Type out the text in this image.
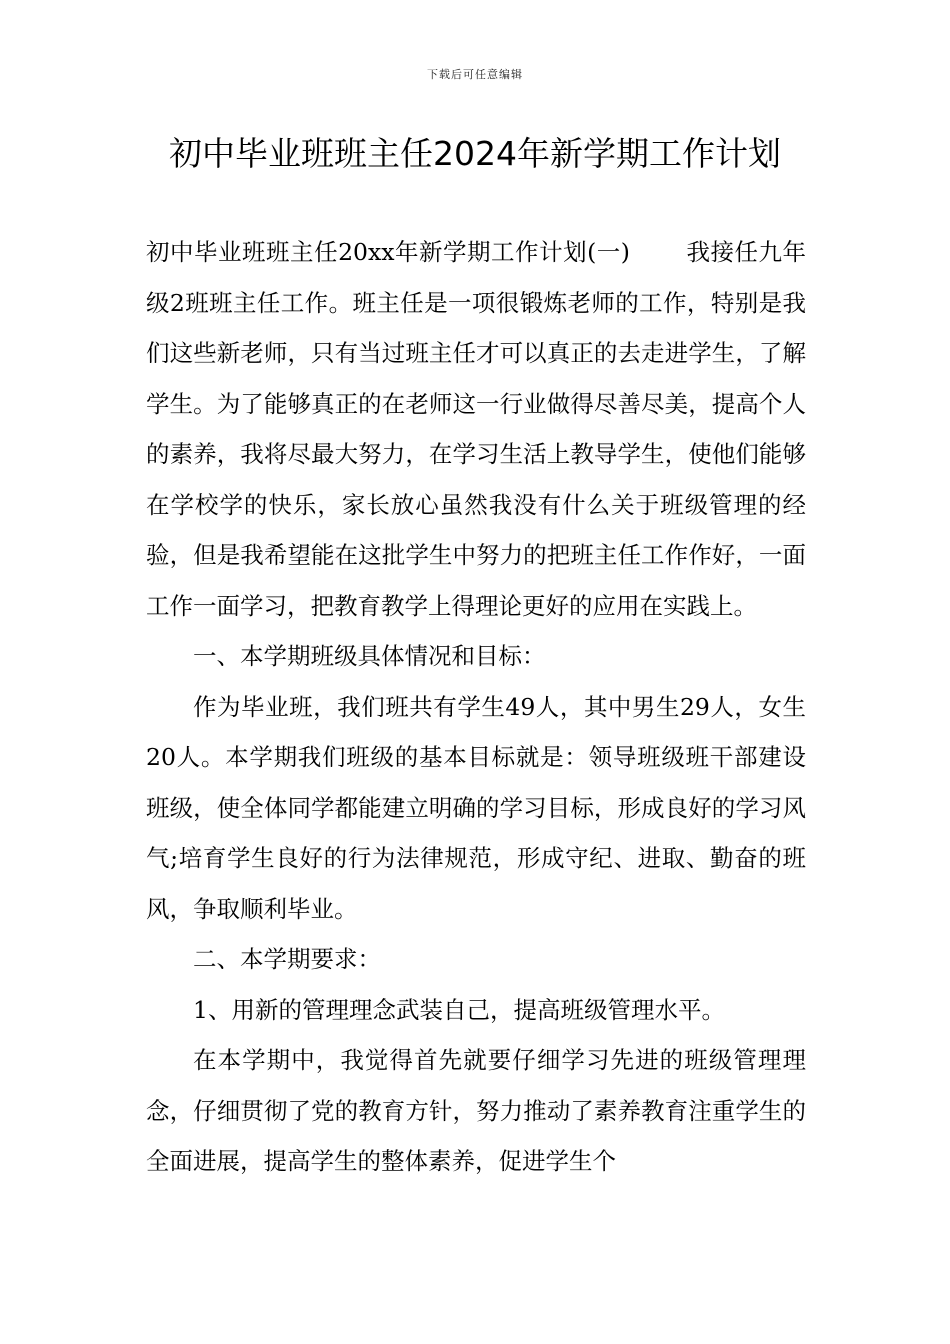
下载后可任意编辑
初中毕业班班主任2024年新学期工作计划

初中毕业班班主任20xx年新学期工作计划(一) 我接任九年级2班班主任工作。班主任是一项很锻炼老师的工作，特别是我们这些新老师，只有当过班主任才可以真正的去走进学生，了解学生。为了能够真正的在老师这一行业做得尽善尽美，提高个人的素养，我将尽最大努力，在学习生活上教导学生，使他们能够在学校学的快乐，家长放心虽然我没有什么关于班级管理的经验，但是我希望能在这批学生中努力的把班主任工作作好，一面工作一面学习，把教育教学上得理论更好的应用在实践上。

一、本学期班级具体情况和目标：

作为毕业班，我们班共有学生49人，其中男生29人，女生20人。本学期我们班级的基本目标就是：领导班级班干部建设班级，使全体同学都能建立明确的学习目标，形成良好的学习风气;培育学生良好的行为法律规范，形成守纪、进取、勤奋的班风，争取顺利毕业。

二、本学期要求：

1、用新的管理理念武装自己，提高班级管理水平。

在本学期中，我觉得首先就要仔细学习先进的班级管理理念，仔细贯彻了党的教育方针，努力推动了素养教育注重学生的全面进展，提高学生的整体素养，促进学生个
